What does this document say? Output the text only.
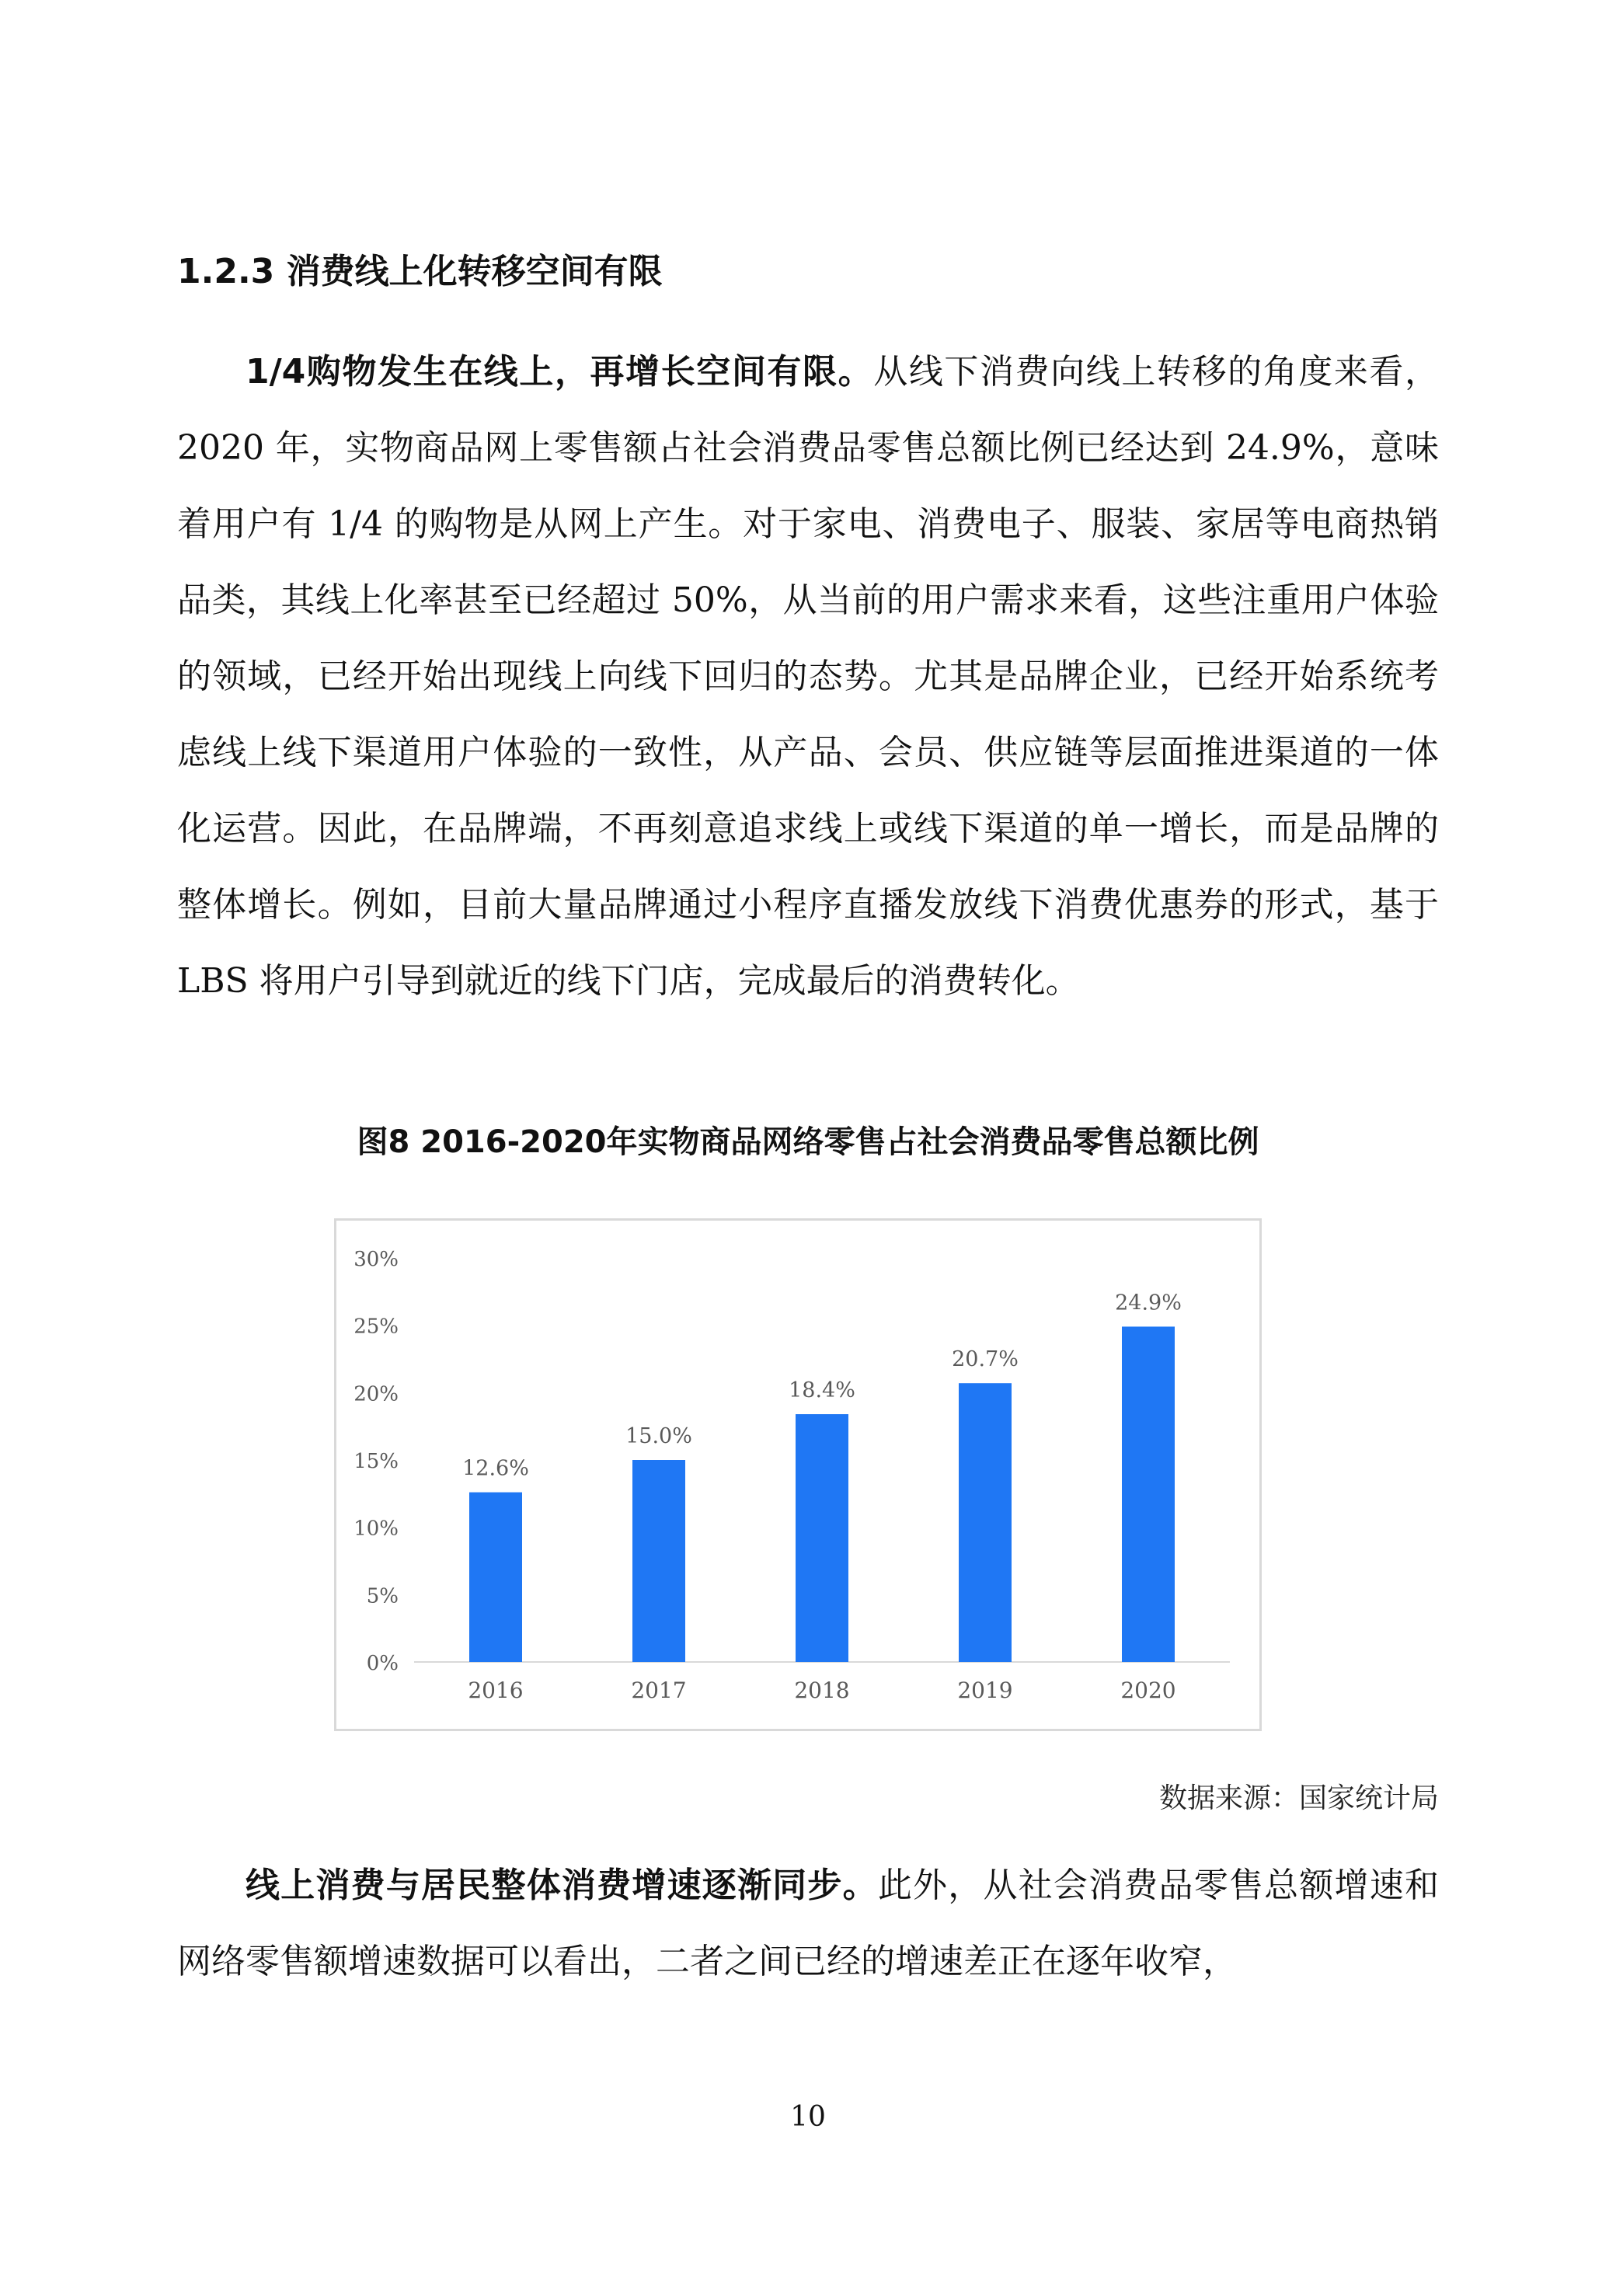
1.2.3 消费线上化转移空间有限

1/4购物发生在线上，再增长空间有限。从线下消费向线上转移的角度来看，2020 年，实物商品网上零售额占社会消费品零售总额比例已经达到 24.9%，意味着用户有 1/4 的购物是从网上产生。对于家电、消费电子、服装、家居等电商热销品类，其线上化率甚至已经超过 50%，从当前的用户需求来看，这些注重用户体验的领域，已经开始出现线上向线下回归的态势。尤其是品牌企业，已经开始系统考虑线上线下渠道用户体验的一致性，从产品、会员、供应链等层面推进渠道的一体化运营。因此，在品牌端，不再刻意追求线上或线下渠道的单一增长，而是品牌的整体增长。例如，目前大量品牌通过小程序直播发放线下消费优惠券的形式，基于 LBS 将用户引导到就近的线下门店，完成最后的消费转化。

图8 2016-2020年实物商品网络零售占社会消费品零售总额比例

0%
5%
10%
15%
20%
25%
30%
12.6%
2016
15.0%
2017
18.4%
2018
20.7%
2019
24.9%
2020

数据来源：国家统计局

线上消费与居民整体消费增速逐渐同步。此外，从社会消费品零售总额增速和网络零售额增速数据可以看出，二者之间已经的增速差正在逐年收窄，

10
